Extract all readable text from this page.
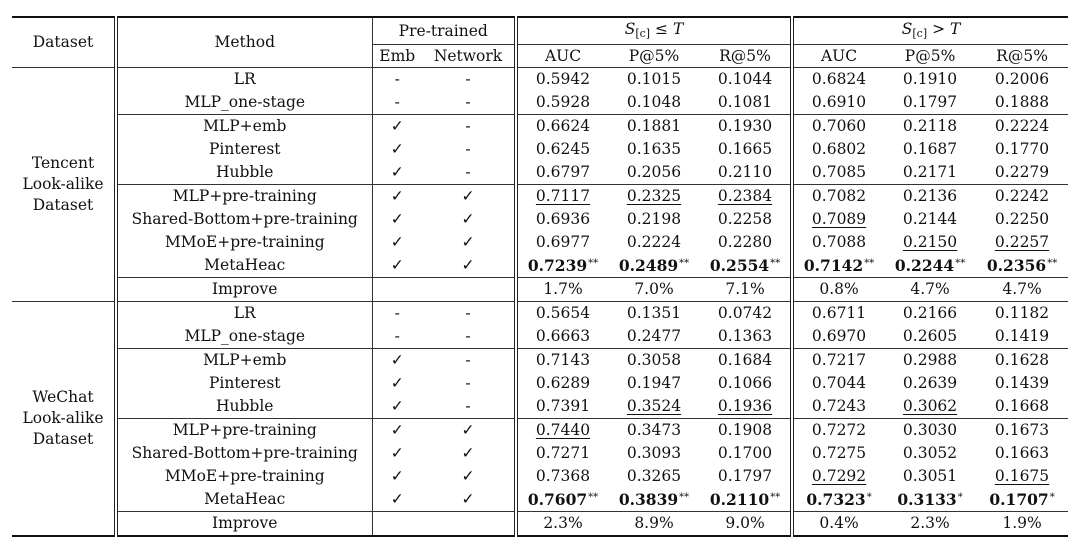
Dataset	Method	Pre-trained		$S_{[c]} \le T$			$S_{[c]} > T$		
		Emb	Network	AUC	P@5%	R@5%	AUC	P@5%	R@5%

Tencent
Look-alike
Dataset	LR	-	-	0.5942	0.1015	0.1044	0.6824	0.1910	0.2006
	MLP_one-stage	-	-	0.5928	0.1048	0.1081	0.6910	0.1797	0.1888
	MLP+emb	✓	-	0.6624	0.1881	0.1930	0.7060	0.2118	0.2224
	Pinterest	✓	-	0.6245	0.1635	0.1665	0.6802	0.1687	0.1770
	Hubble	✓	-	0.6797	0.2056	0.2110	0.7085	0.2171	0.2279
	MLP+pre-training	✓	✓	0.7117	0.2325	0.2384	0.7082	0.2136	0.2242
	Shared-Bottom+pre-training	✓	✓	0.6936	0.2198	0.2258	0.7089	0.2144	0.2250
	MMoE+pre-training	✓	✓	0.6977	0.2224	0.2280	0.7088	0.2150	0.2257
	MetaHeac	✓	✓	0.7239**	0.2489**	0.2554**	0.7142**	0.2244**	0.2356**
	Improve			1.7%	7.0%	7.1%	0.8%	4.7%	4.7%

WeChat
Look-alike
Dataset	LR	-	-	0.5654	0.1351	0.0742	0.6711	0.2166	0.1182
	MLP_one-stage	-	-	0.6663	0.2477	0.1363	0.6970	0.2605	0.1419
	MLP+emb	✓	-	0.7143	0.3058	0.1684	0.7217	0.2988	0.1628
	Pinterest	✓	-	0.6289	0.1947	0.1066	0.7044	0.2639	0.1439
	Hubble	✓	-	0.7391	0.3524	0.1936	0.7243	0.3062	0.1668
	MLP+pre-training	✓	✓	0.7440	0.3473	0.1908	0.7272	0.3030	0.1673
	Shared-Bottom+pre-training	✓	✓	0.7271	0.3093	0.1700	0.7275	0.3052	0.1663
	MMoE+pre-training	✓	✓	0.7368	0.3265	0.1797	0.7292	0.3051	0.1675
	MetaHeac	✓	✓	0.7607**	0.3839**	0.2110**	0.7323*	0.3133*	0.1707*
	Improve			2.3%	8.9%	9.0%	0.4%	2.3%	1.9%
